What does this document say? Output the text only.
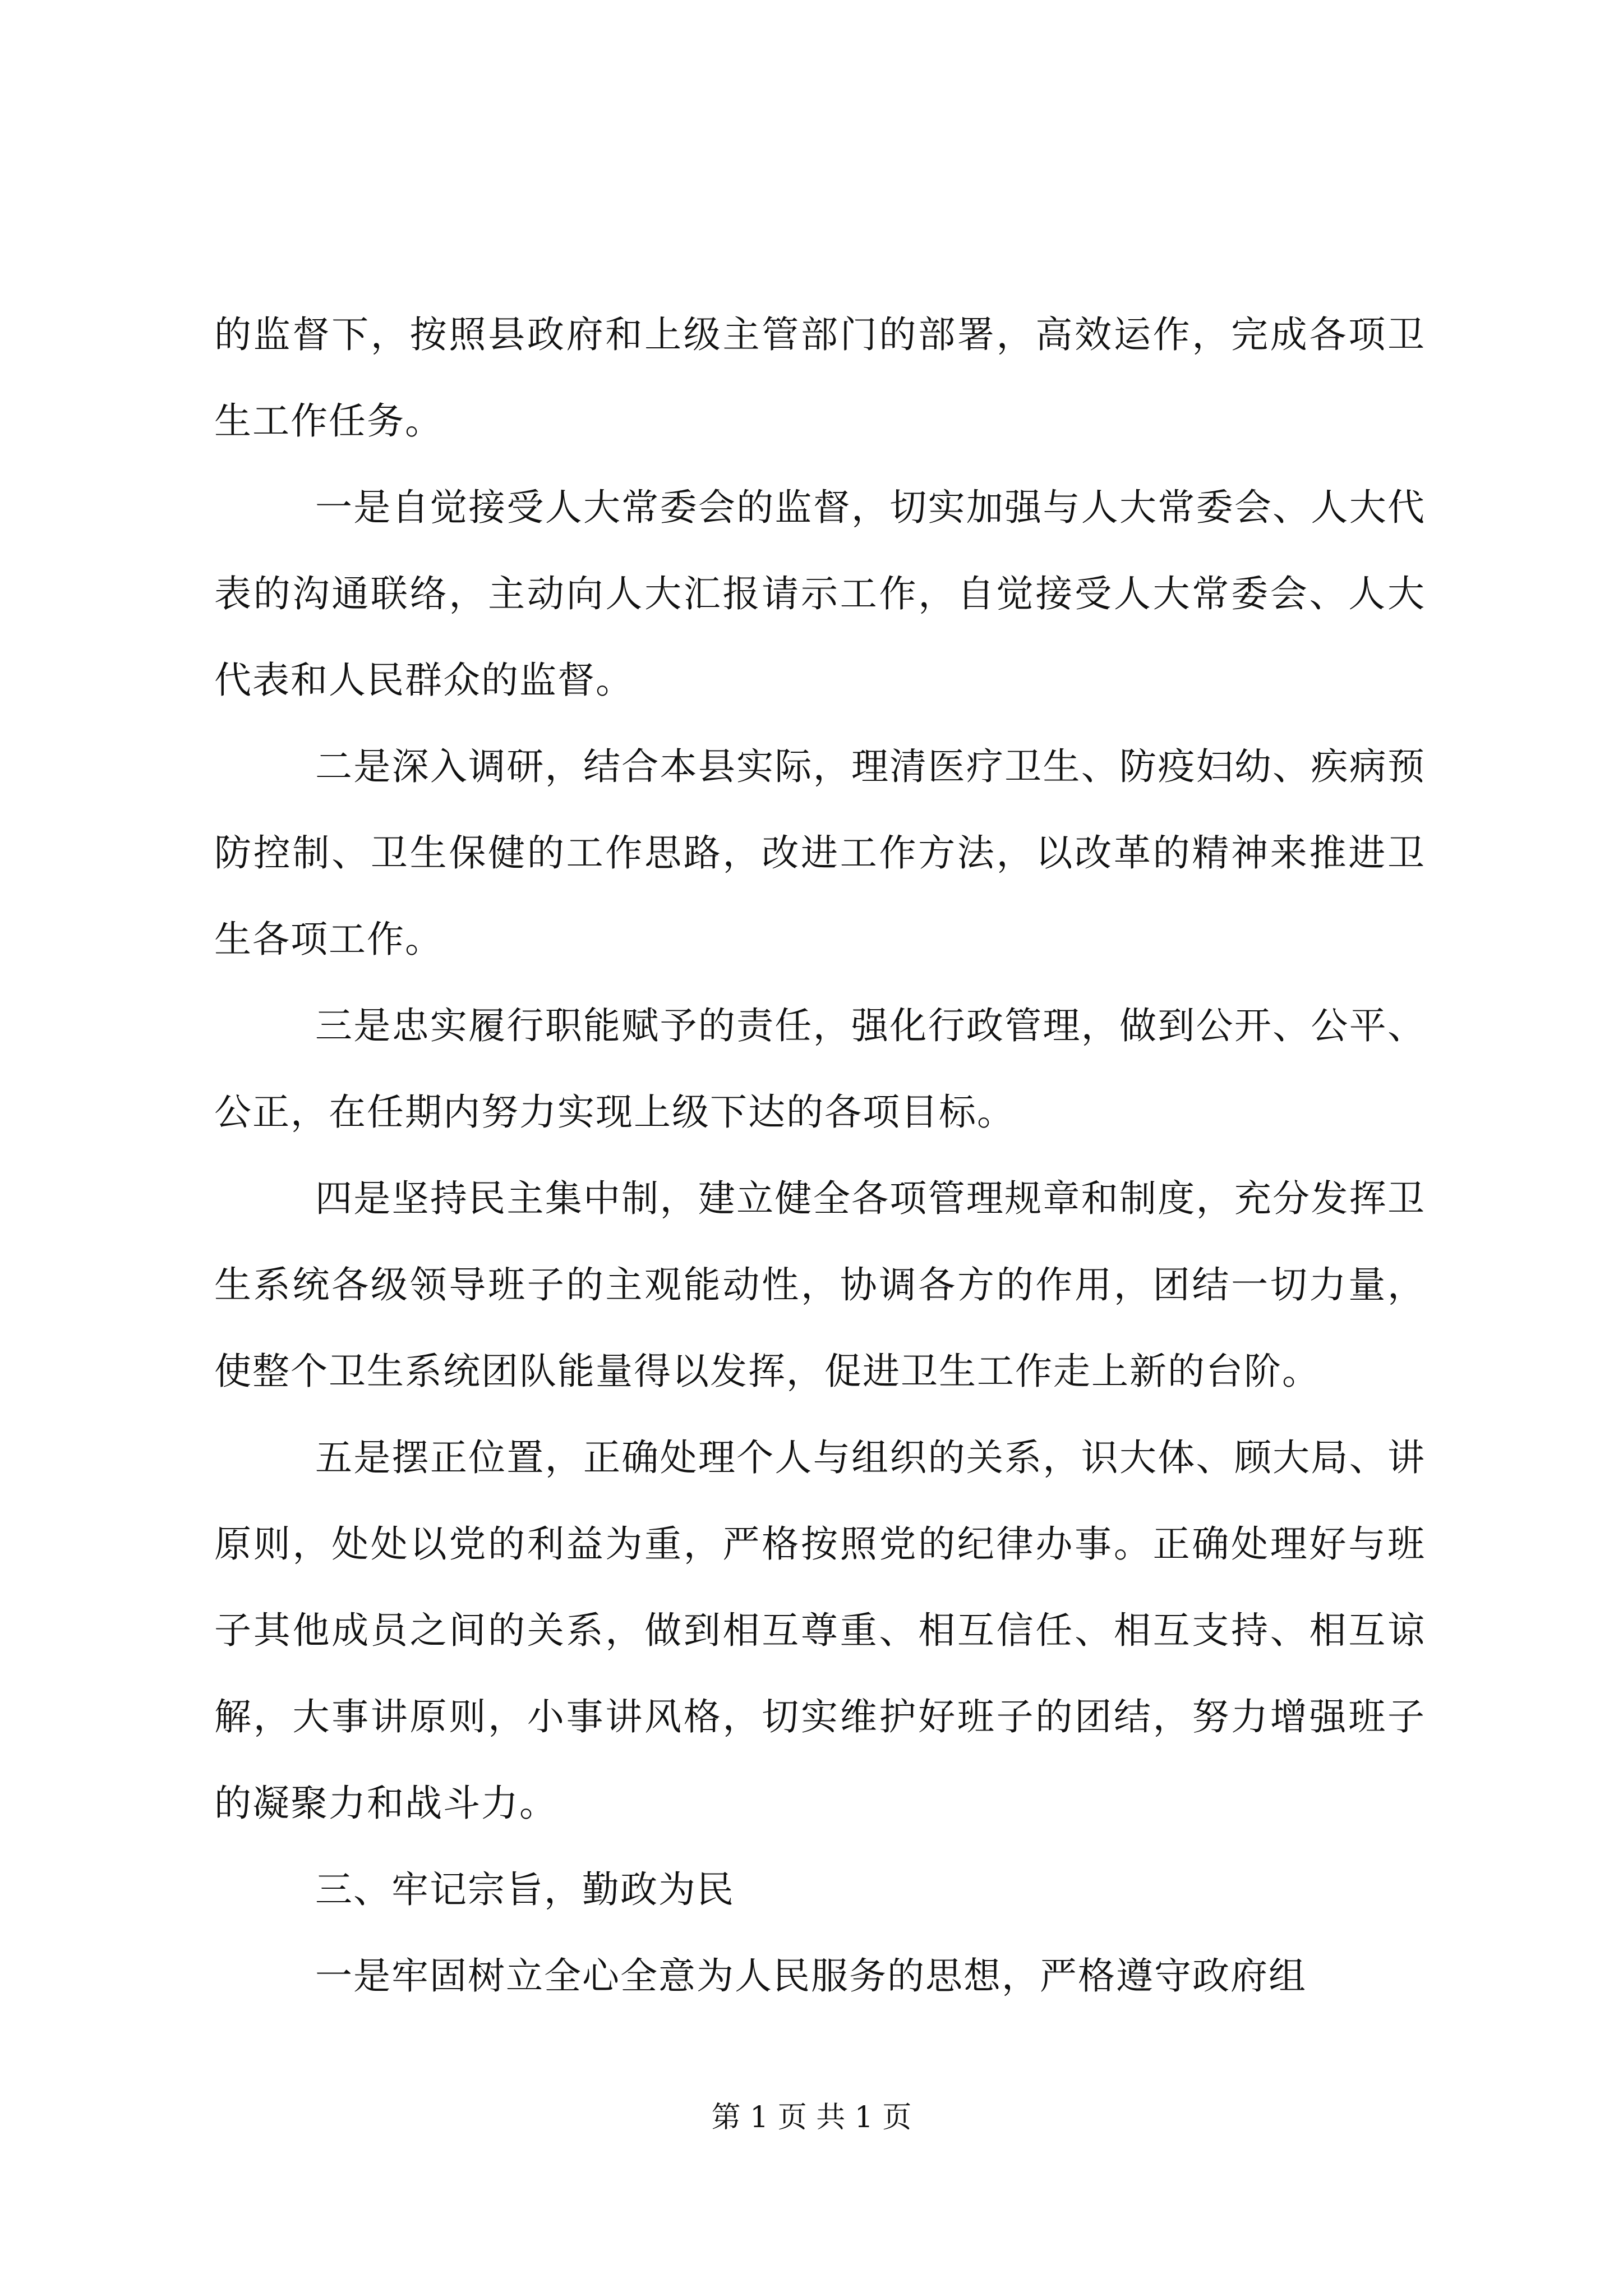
的监督下，按照县政府和上级主管部门的部署，高效运作，完成各项卫生工作任务。

一是自觉接受人大常委会的监督，切实加强与人大常委会、人大代表的沟通联络，主动向人大汇报请示工作，自觉接受人大常委会、人大代表和人民群众的监督。

二是深入调研，结合本县实际，理清医疗卫生、防疫妇幼、疾病预防控制、卫生保健的工作思路，改进工作方法，以改革的精神来推进卫生各项工作。

三是忠实履行职能赋予的责任，强化行政管理，做到公开、公平、公正，在任期内努力实现上级下达的各项目标。

四是坚持民主集中制，建立健全各项管理规章和制度，充分发挥卫生系统各级领导班子的主观能动性，协调各方的作用，团结一切力量，使整个卫生系统团队能量得以发挥，促进卫生工作走上新的台阶。

五是摆正位置，正确处理个人与组织的关系，识大体、顾大局、讲原则，处处以党的利益为重，严格按照党的纪律办事。正确处理好与班子其他成员之间的关系，做到相互尊重、相互信任、相互支持、相互谅解，大事讲原则，小事讲风格，切实维护好班子的团结，努力增强班子的凝聚力和战斗力。

三、牢记宗旨，勤政为民

一是牢固树立全心全意为人民服务的思想，严格遵守政府组

第 1 页 共 1 页
